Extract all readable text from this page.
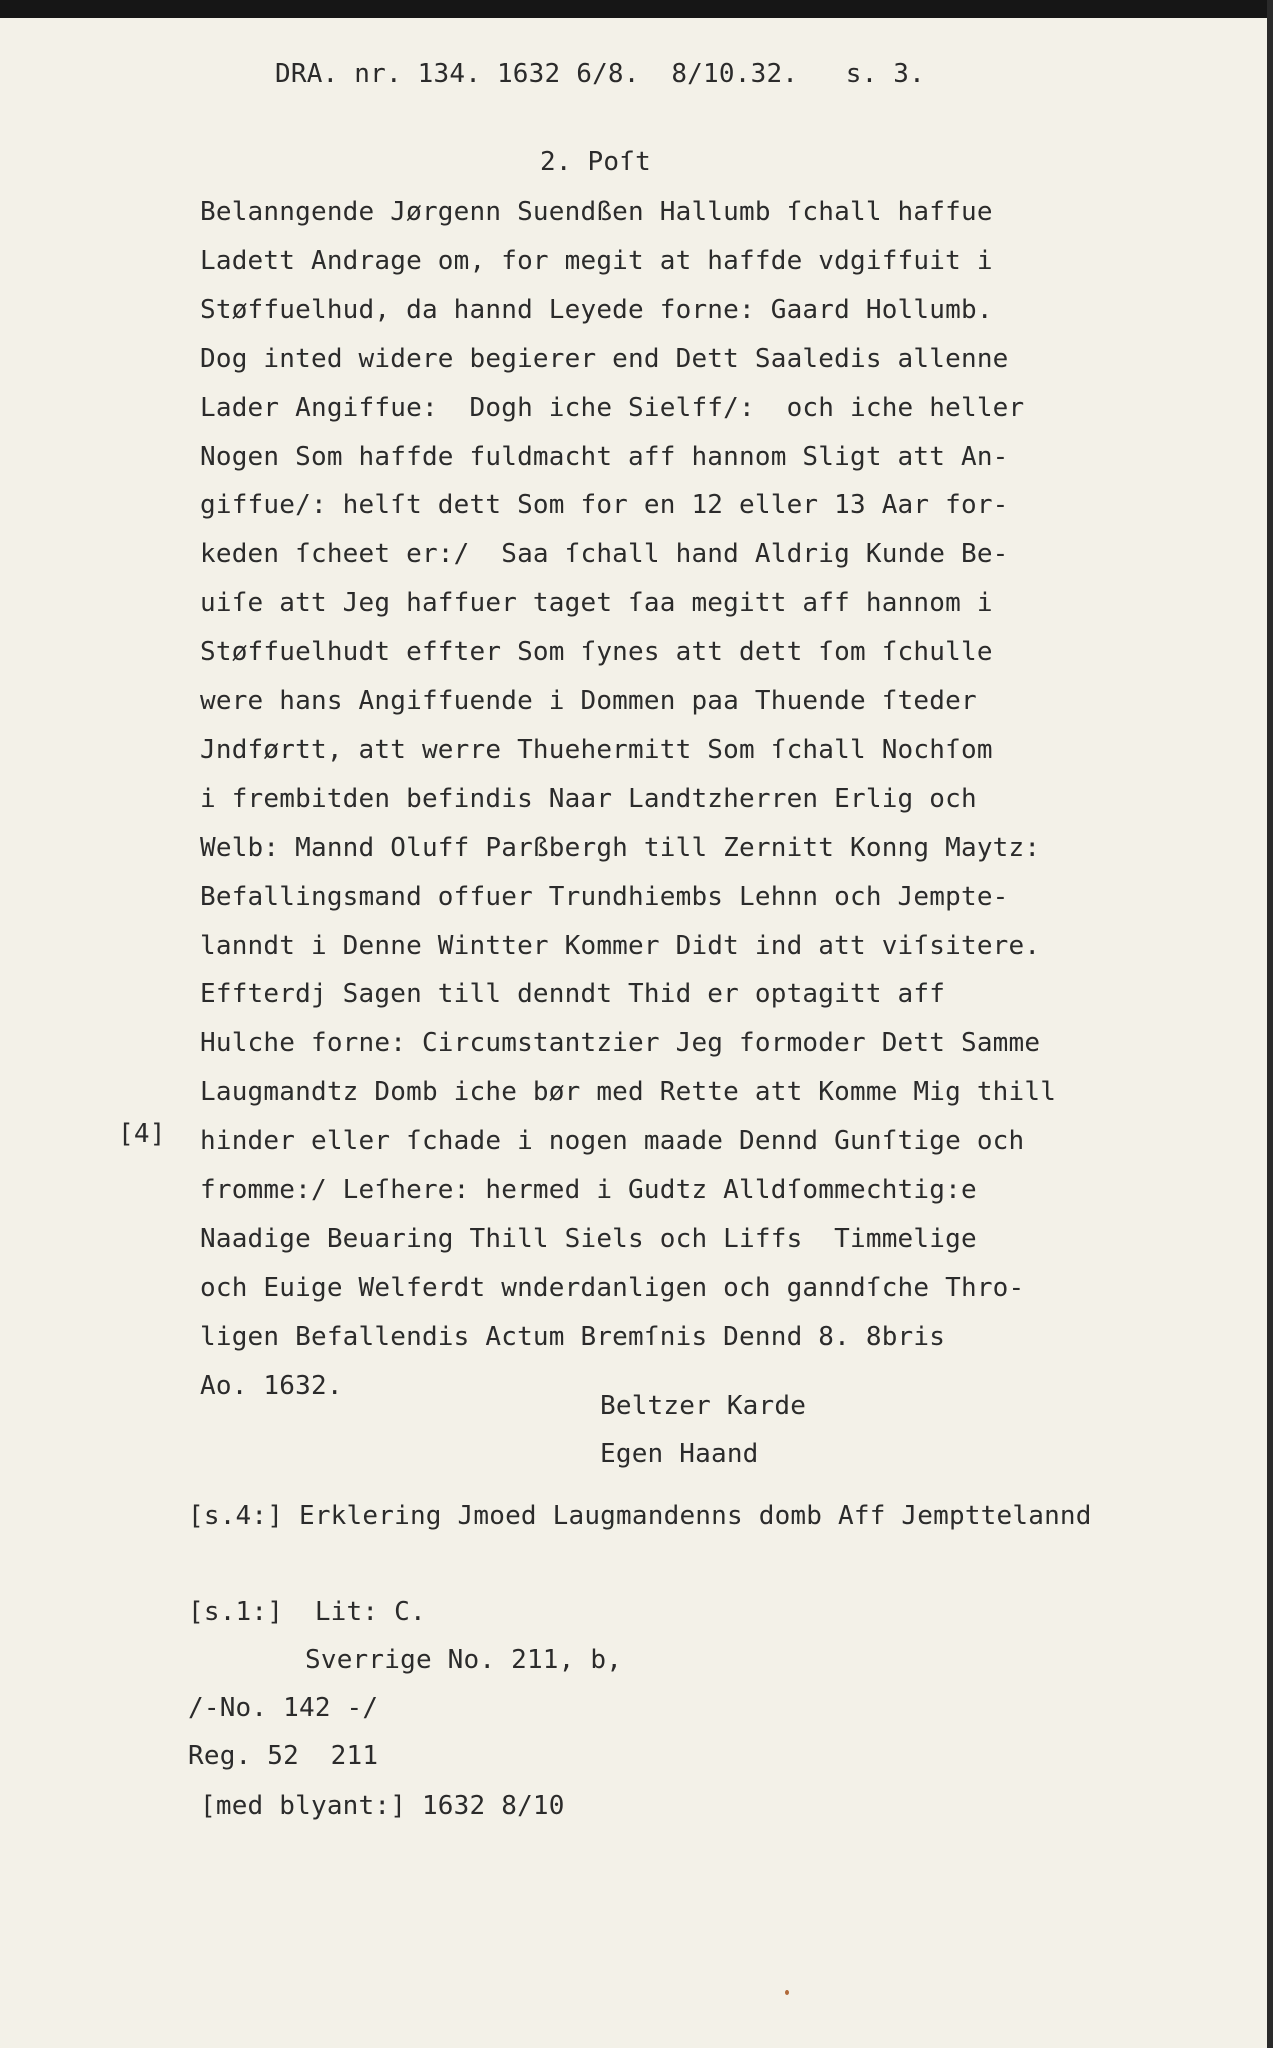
DRA. nr. 134. 1632 6/8.  8/10.32.   s. 3.
2. Poſt
Belanngende Jørgenn Suendßen Hallumb ſchall haffue
Ladett Andrage om, for megit at haffde vdgiffuit i
Støffuelhud, da hannd Leyede forne: Gaard Hollumb.
Dog inted widere begierer end Dett Saaledis allenne
Lader Angiffue:  Dogh iche Sielff/:  och iche heller
Nogen Som haffde fuldmacht aff hannom Sligt att An-
giffue/: helſt dett Som for en 12 eller 13 Aar for-
keden ſcheet er:/  Saa ſchall hand Aldrig Kunde Be-
uiſe att Jeg haffuer taget ſaa megitt aff hannom i
Støffuelhudt effter Som ſynes att dett ſom ſchulle
were hans Angiffuende i Dommen paa Thuende ſteder
Jndførtt, att werre Thuehermitt Som ſchall Nochſom
i frembitden befindis Naar Landtzherren Erlig och
Welb: Mannd Oluff Parßbergh till Zernitt Konng Maytz:
Befallingsmand offuer Trundhiembs Lehnn och Jempte-
lanndt i Denne Wintter Kommer Didt ind att viſsitere.
Effterdj Sagen till denndt Thid er optagitt aff
Hulche forne: Circumstantzier Jeg formoder Dett Samme
Laugmandtz Domb iche bør med Rette att Komme Mig thill
hinder eller ſchade i nogen maade Dennd Gunſtige och
fromme:/ Leſhere: hermed i Gudtz Alldſommechtig:e
Naadige Beuaring Thill Siels och Liffs  Timmelige
och Euige Welferdt wnderdanligen och ganndſche Thro-
ligen Befallendis Actum Bremſnis Dennd 8. 8bris
Ao. 1632.
[4]
Beltzer Karde
Egen Haand
[s.4:] Erklering Jmoed Laugmandenns domb Aff Jempttelannd
[s.1:]  Lit: C.
Sverrige No. 211, b,
/-No. 142 -/
Reg. 52  211
[med blyant:] 1632 8/10
